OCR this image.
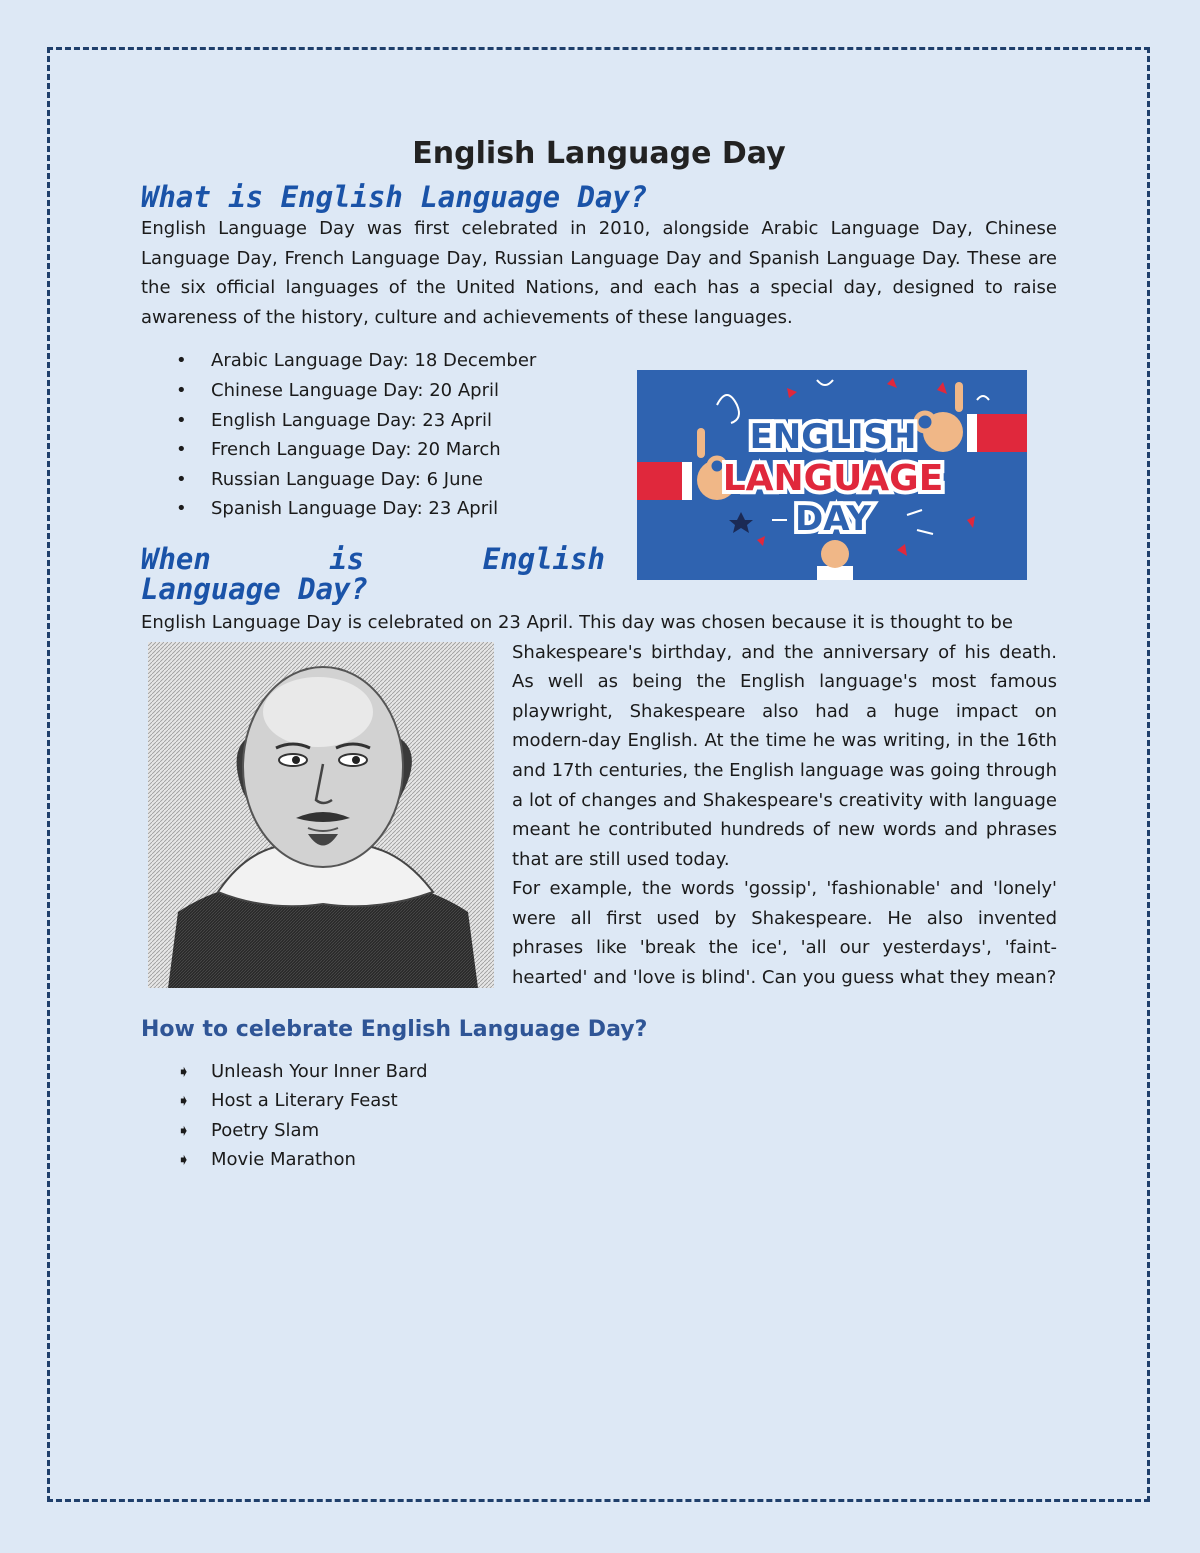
English Language Day
What is English Language Day?

English Language Day was first celebrated in 2010, alongside Arabic Language Day, Chinese Language Day, French Language Day, Russian Language Day and Spanish Language Day. These are the six official languages of the United Nations, and each has a special day, designed to raise awareness of the history, culture and achievements of these languages.

• Arabic Language Day: 18 December
• Chinese Language Day: 20 April
• English Language Day: 23 April
• French Language Day: 20 March
• Russian Language Day: 6 June
• Spanish Language Day: 23 April
ENGLISH
LANGUAGE
DAY
When	is	English
Language Day?

English Language Day is celebrated on 23 April. This day was chosen because it is thought to be

Shakespeare's birthday, and the anniversary of his death. As well as being the English language's most famous playwright, Shakespeare also had a huge impact on modern-day English. At the time he was writing, in the 16th and 17th centuries, the English language was going through a lot of changes and Shakespeare's creativity with language meant he contributed hundreds of new words and phrases that are still used today.

For example, the words 'gossip', 'fashionable' and 'lonely' were all first used by Shakespeare. He also invented phrases like 'break the ice', 'all our yesterdays', 'faint-hearted' and 'love is blind'. Can you guess what they mean?

How to celebrate English Language Day?
➧ Unleash Your Inner Bard
➧ Host a Literary Feast
➧ Poetry Slam
➧ Movie Marathon
